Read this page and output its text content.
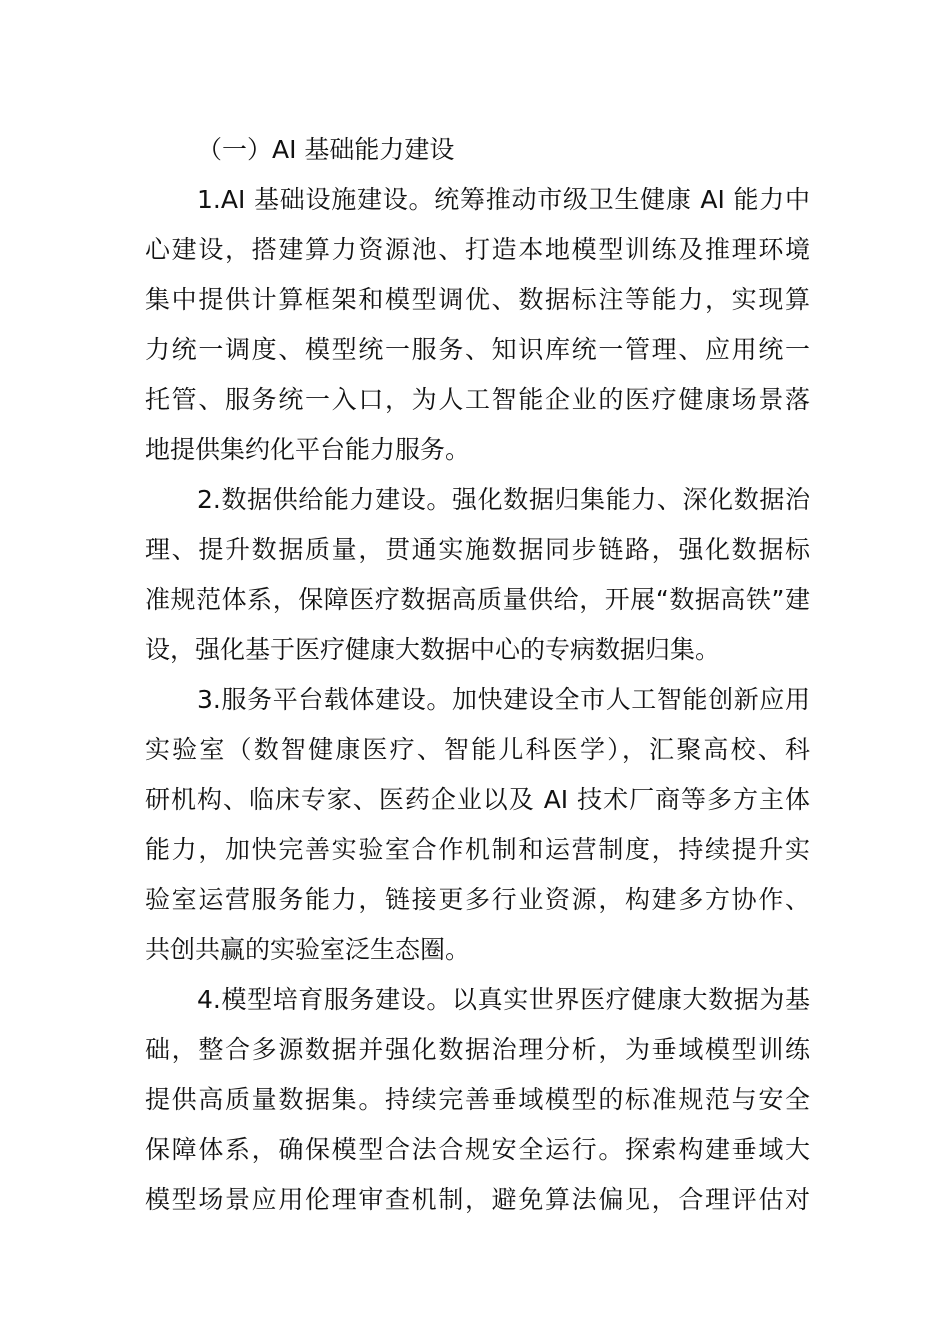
（一）AI 基础能力建设
1.AI 基础设施建设。统筹推动市级卫生健康 AI 能力中
心建设，搭建算力资源池、打造本地模型训练及推理环境
集中提供计算框架和模型调优、数据标注等能力，实现算
力统一调度、模型统一服务、知识库统一管理、应用统一
托管、服务统一入口，为人工智能企业的医疗健康场景落
地提供集约化平台能力服务。
2.数据供给能力建设。强化数据归集能力、深化数据治
理、提升数据质量，贯通实施数据同步链路，强化数据标
准规范体系，保障医疗数据高质量供给，开展“数据高铁”建
设，强化基于医疗健康大数据中心的专病数据归集。
3.服务平台载体建设。加快建设全市人工智能创新应用
实验室（数智健康医疗、智能儿科医学），汇聚高校、科
研机构、临床专家、医药企业以及 AI 技术厂商等多方主体
能力，加快完善实验室合作机制和运营制度，持续提升实
验室运营服务能力，链接更多行业资源，构建多方协作、
共创共赢的实验室泛生态圈。
4.模型培育服务建设。以真实世界医疗健康大数据为基
础，整合多源数据并强化数据治理分析，为垂域模型训练
提供高质量数据集。持续完善垂域模型的标准规范与安全
保障体系，确保模型合法合规安全运行。探索构建垂域大
模型场景应用伦理审查机制，避免算法偏见，合理评估对
